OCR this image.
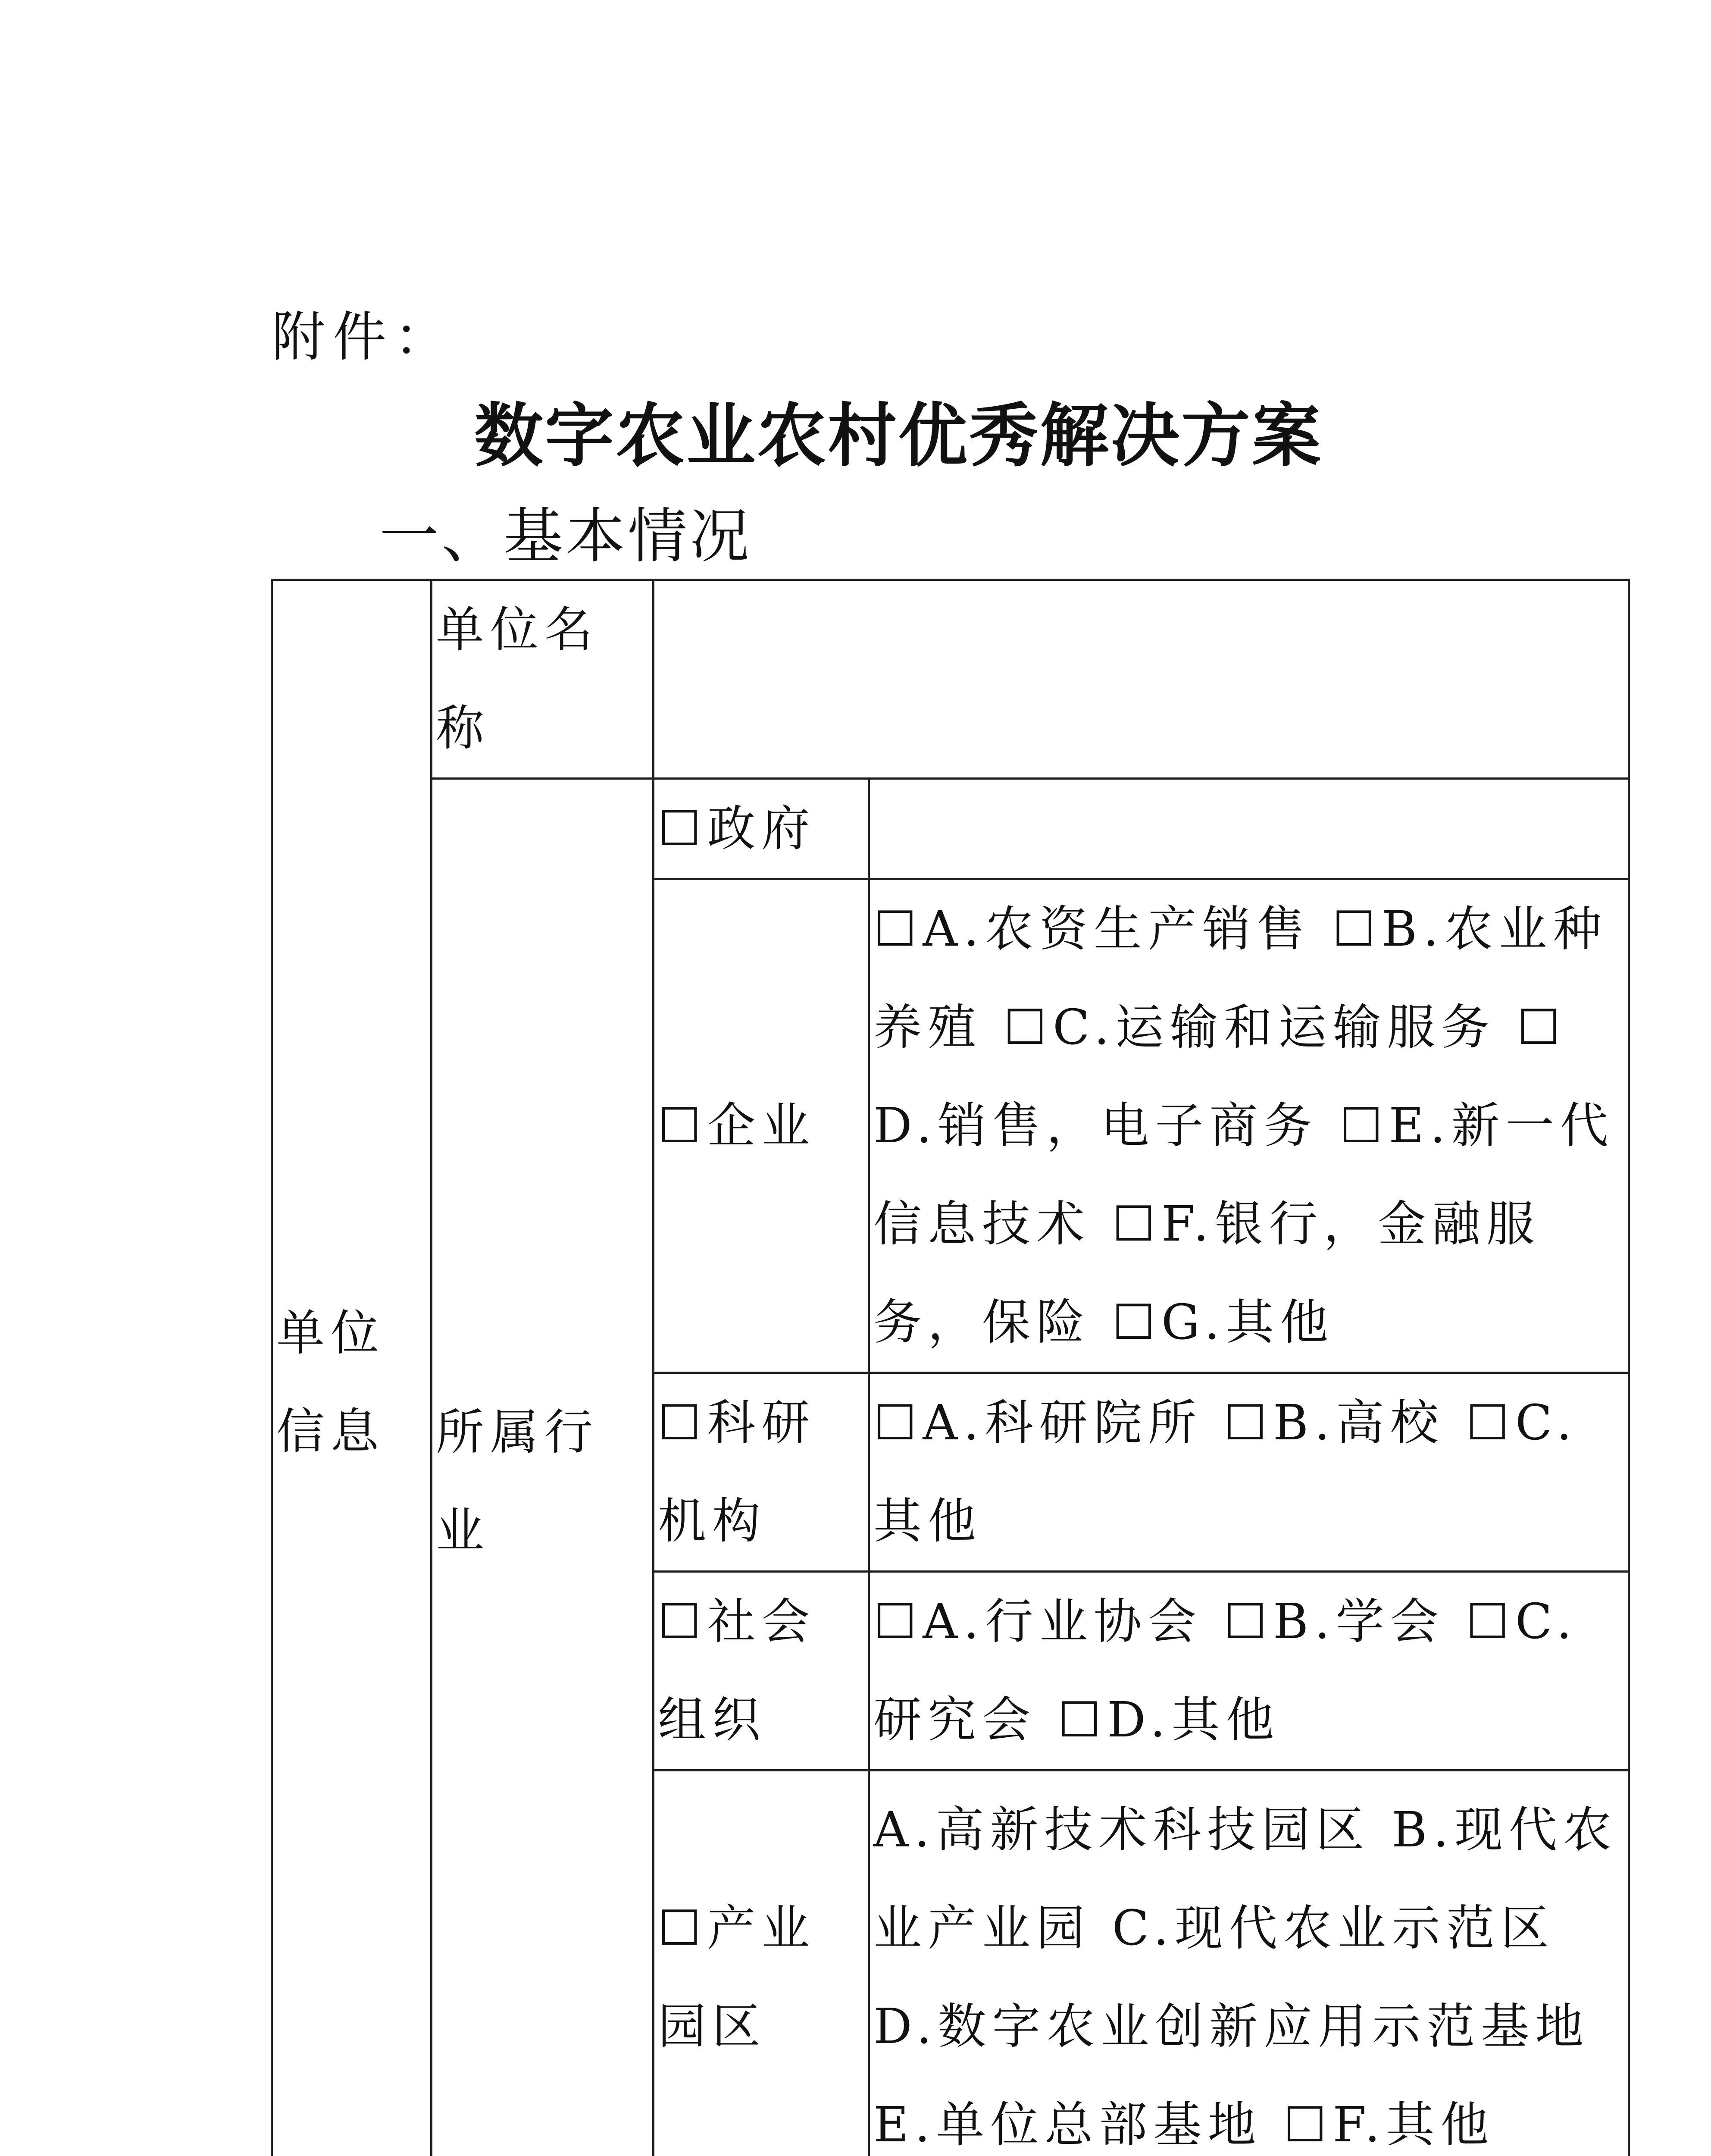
附件：
数字农业农村优秀解决方案
一、基本情况
单位信息	单位名称		

	所属行业	☐政府	

		☐企业	☐A.农资生产销售 ☐B.农业种养殖 ☐C.运输和运输服务 ☐D.销售，电子商务 ☐E.新一代信息技术 ☐F.银行，金融服务，保险 ☐G.其他

		☐科研机构	☐A.科研院所 ☐B.高校 ☐C.其他

		☐社会组织	☐A.行业协会 ☐B.学会 ☐C.研究会 ☐D.其他

		☐产业园区	A.高新技术科技园区 B.现代农业产业园 C.现代农业示范区 D.数字农业创新应用示范基地 E.单位总部基地 ☐F.其他
